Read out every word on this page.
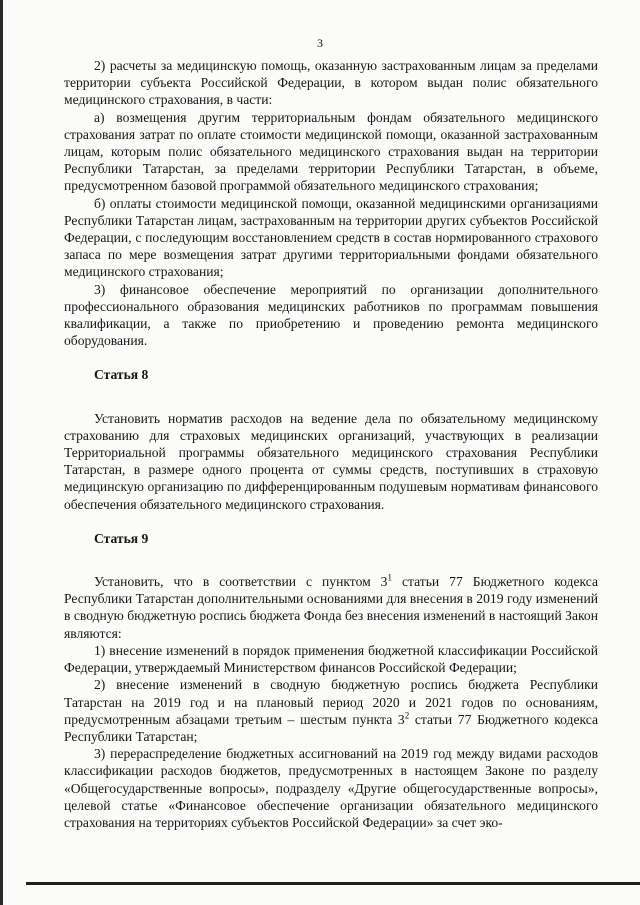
3

2) расчеты за медицинскую помощь, оказанную застрахованным лицам за пределами территории субъекта Российской Федерации, в котором выдан полис обязательного медицинского страхования, в части:

а) возмещения другим территориальным фондам обязательного медицинского страхования затрат по оплате стоимости медицинской помощи, оказанной застрахованным лицам, которым полис обязательного медицинского страхования выдан на территории Республики Татарстан, за пределами территории Республики Татарстан, в объеме, предусмотренном базовой программой обязательного медицинского страхования;

б) оплаты стоимости медицинской помощи, оказанной медицинскими организациями Республики Татарстан лицам, застрахованным на территории других субъектов Российской Федерации, с последующим восстановлением средств в состав нормированного страхового запаса по мере возмещения затрат другими территориальными фондами обязательного медицинского страхования;

3) финансовое обеспечение мероприятий по организации дополнительного профессионального образования медицинских работников по программам повышения квалификации, а также по приобретению и проведению ремонта медицинского оборудования.

Статья 8

Установить норматив расходов на ведение дела по обязательному медицинскому страхованию для страховых медицинских организаций, участвующих в реализации Территориальной программы обязательного медицинского страхования Республики Татарстан, в размере одного процента от суммы средств, поступивших в страховую медицинскую организацию по дифференцированным подушевым нормативам финансового обеспечения обязательного медицинского страхования.

Статья 9

Установить, что в соответствии с пунктом $3^1$ статьи 77 Бюджетного кодекса Республики Татарстан дополнительными основаниями для внесения в 2019 году изменений в сводную бюджетную роспись бюджета Фонда без внесения изменений в настоящий Закон являются:

1) внесение изменений в порядок применения бюджетной классификации Российской Федерации, утверждаемый Министерством финансов Российской Федерации;

2) внесение изменений в сводную бюджетную роспись бюджета Республики Татарстан на 2019 год и на плановый период 2020 и 2021 годов по основаниям, предусмотренным абзацами третьим – шестым пункта $3^2$ статьи 77 Бюджетного кодекса Республики Татарстан;

3) перераспределение бюджетных ассигнований на 2019 год между видами расходов классификации расходов бюджетов, предусмотренных в настоящем Законе по разделу «Общегосударственные вопросы», подразделу «Другие общегосударственные вопросы», целевой статье «Финансовое обеспечение организации обязательного медицинского страхования на территориях субъектов Российской Федерации» за счет эко-
